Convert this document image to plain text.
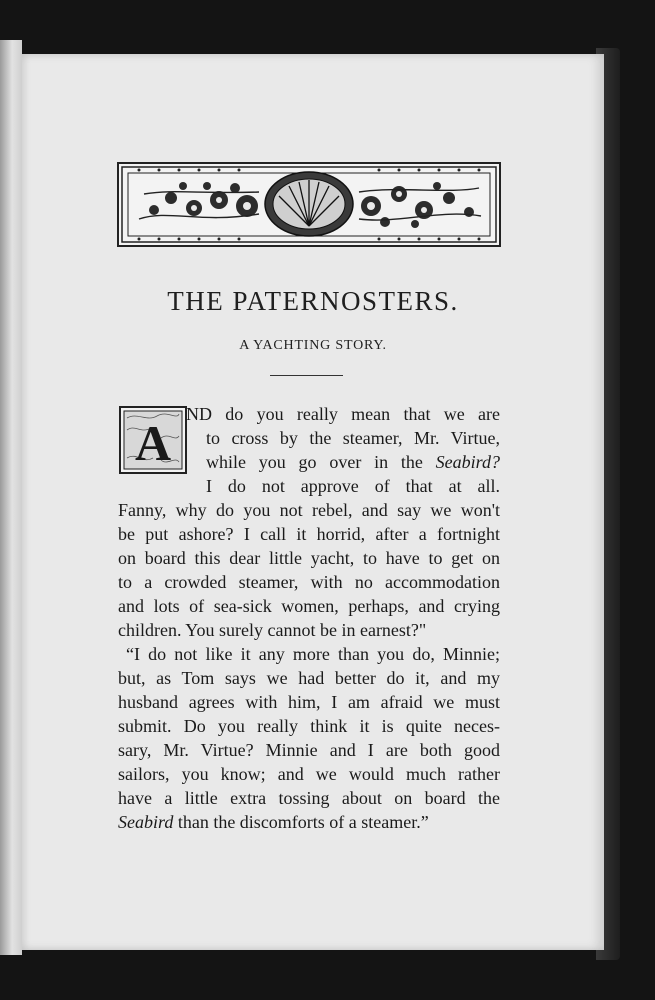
THE PATERNOSTERS.
A YACHTING STORY.
A
ND do you really mean that we are
to cross by the steamer, Mr. Virtue,
while you go over in the Seabird?
I do not approve of that at all.
Fanny, why do you not rebel, and say we won't
be put ashore? I call it horrid, after a fortnight
on board this dear little yacht, to have to get on
to a crowded steamer, with no accommodation
and lots of sea-sick women, perhaps, and crying
children. You surely cannot be in earnest?"
“I do not like it any more than you do, Minnie;
but, as Tom says we had better do it, and my
husband agrees with him, I am afraid we must
submit. Do you really think it is quite neces-
sary, Mr. Virtue? Minnie and I are both good
sailors, you know; and we would much rather
have a little extra tossing about on board the
Seabird than the discomforts of a steamer.”
